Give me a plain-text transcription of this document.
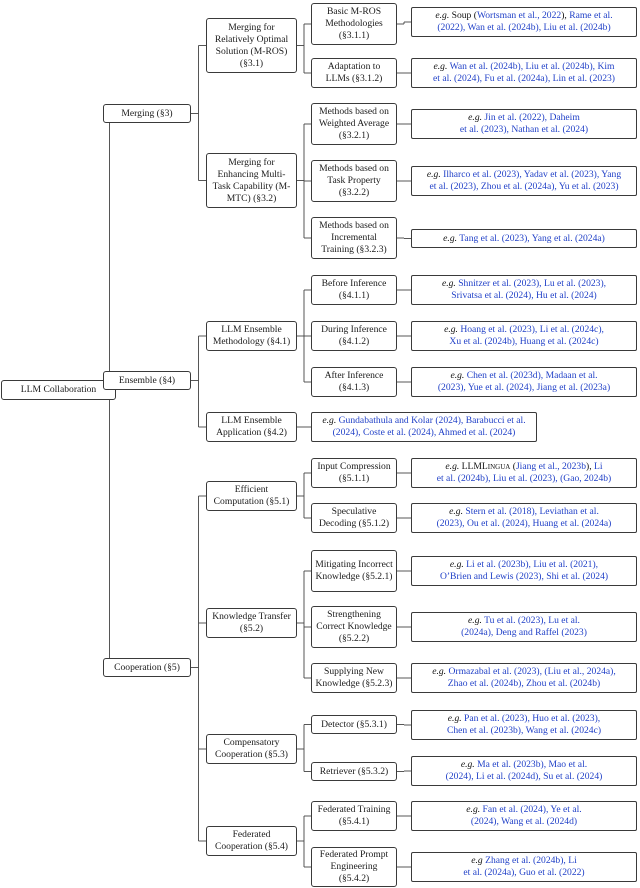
LLM Collaboration
Merging (§3)
Ensemble (§4)
Cooperation (§5)
Merging for Relatively Optimal Solution (M-ROS) (§3.1)
Merging for Enhancing Multi-Task Capability (M-MTC) (§3.2)
LLM Ensemble Methodology (§4.1)
LLM Ensemble Application (§4.2)
Efficient Computation (§5.1)
Knowledge Transfer (§5.2)
Compensatory Cooperation (§5.3)
Federated Cooperation (§5.4)
Basic M-ROS Methodologies (§3.1.1)
Adaptation to LLMs (§3.1.2)
Methods based on Weighted Average (§3.2.1)
Methods based on Task Property (§3.2.2)
Methods based on Incremental Training (§3.2.3)
Before Inference (§4.1.1)
During Inference (§4.1.2)
After Inference (§4.1.3)
Input Compression (§5.1.1)
Speculative Decoding (§5.1.2)
Mitigating Incorrect Knowledge (§5.2.1)
Strengthening Correct Knowledge (§5.2.2)
Supplying New Knowledge (§5.2.3)
Detector (§5.3.1)
Retriever (§5.3.2)
Federated Training (§5.4.1)
Federated Prompt Engineering (§5.4.2)
e.g. Soup (Wortsman et al., 2022), Rame et al.
(2022), Wan et al. (2024b), Liu et al. (2024b)
e.g. Wan et al. (2024b), Liu et al. (2024b), Kim
et al. (2024), Fu et al. (2024a), Lin et al. (2023)
e.g. Jin et al. (2022), Daheim
et al. (2023), Nathan et al. (2024)
e.g. Ilharco et al. (2023), Yadav et al. (2023), Yang
et al. (2023), Zhou et al. (2024a), Yu et al. (2023)
e.g. Tang et al. (2023), Yang et al. (2024a)
e.g. Shnitzer et al. (2023), Lu et al. (2023),
Srivatsa et al. (2024), Hu et al. (2024)
e.g. Hoang et al. (2023), Li et al. (2024c),
Xu et al. (2024b), Huang et al. (2024c)
e.g. Chen et al. (2023d), Madaan et al.
(2023), Yue et al. (2024), Jiang et al. (2023a)
e.g. Gundabathula and Kolar (2024), Barabucci et al.
(2024), Coste et al. (2024), Ahmed et al. (2024)
e.g. LLMLingua (Jiang et al., 2023b), Li
et al. (2024b), Liu et al. (2023), (Gao, 2024b)
e.g. Stern et al. (2018), Leviathan et al.
(2023), Ou et al. (2024), Huang et al. (2024a)
e.g. Li et al. (2023b), Liu et al. (2021),
O’Brien and Lewis (2023), Shi et al. (2024)
e.g. Tu et al. (2023), Lu et al.
(2024a), Deng and Raffel (2023)
e.g. Ormazabal et al. (2023), (Liu et al., 2024a),
Zhao et al. (2024b), Zhou et al. (2024b)
e.g. Pan et al. (2023), Huo et al. (2023),
Chen et al. (2023b), Wang et al. (2024c)
e.g. Ma et al. (2023b), Mao et al.
(2024), Li et al. (2024d), Su et al. (2024)
e.g. Fan et al. (2024), Ye et al.
(2024), Wang et al. (2024d)
e.g Zhang et al. (2024b), Li
et al. (2024a), Guo et al. (2022)
